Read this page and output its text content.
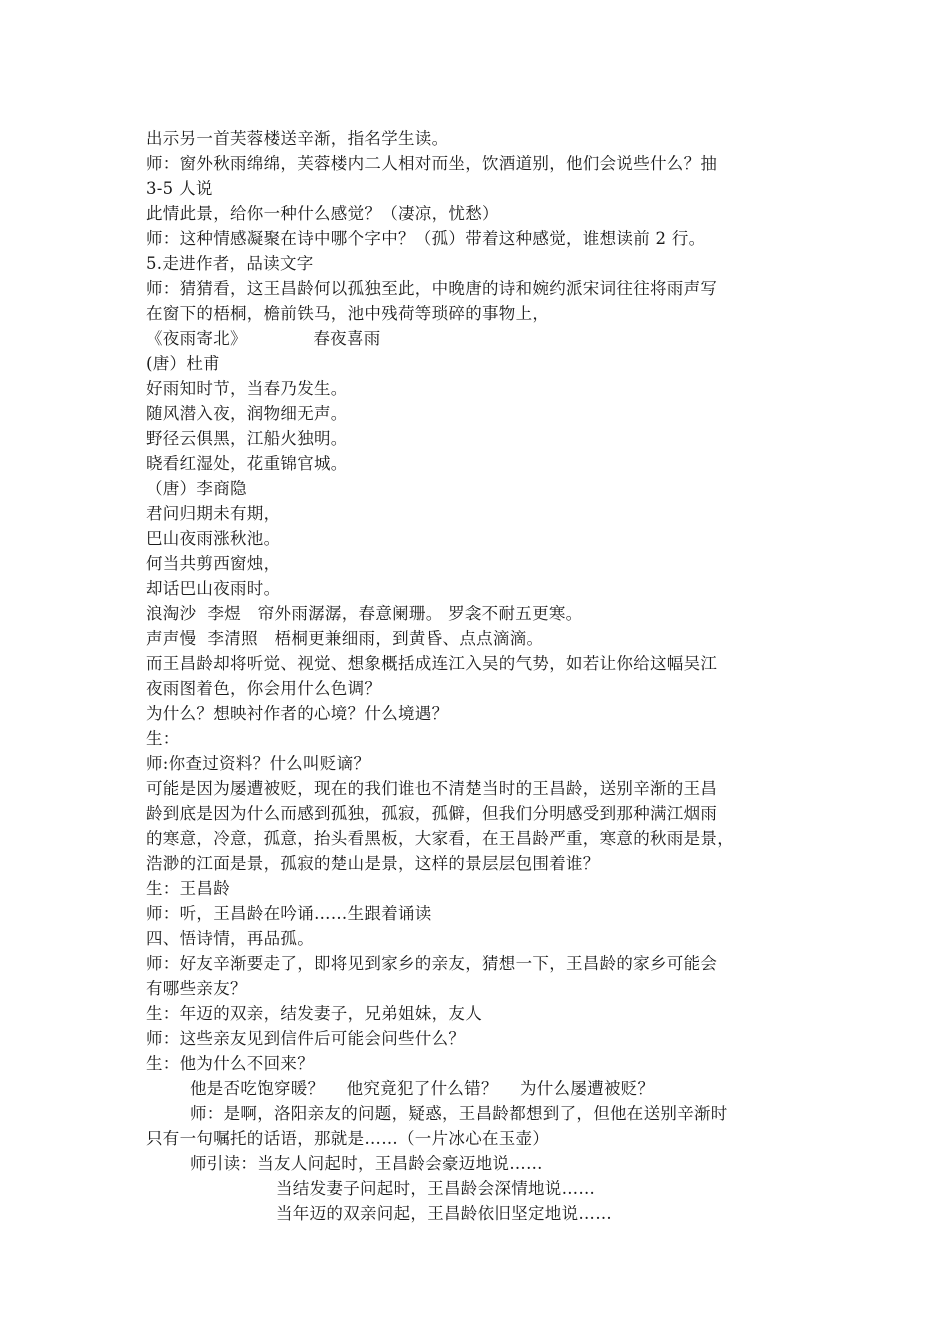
出示另一首芙蓉楼送辛渐，指名学生读。
师：窗外秋雨绵绵，芙蓉楼内二人相对而坐，饮酒道别，他们会说些什么？抽
3-5 人说
此情此景，给你一种什么感觉？（凄凉，忧愁）
师：这种情感凝聚在诗中哪个字中？（孤）带着这种感觉，谁想读前 2 行。
5.走进作者，品读文字
师：猜猜看，这王昌龄何以孤独至此，中晚唐的诗和婉约派宋词往往将雨声写
在窗下的梧桐，檐前铁马，池中残荷等琐碎的事物上，
《夜雨寄北》            春夜喜雨
(唐）杜甫
好雨知时节，当春乃发生。
随风潜入夜，润物细无声。
野径云俱黑，江船火独明。
晓看红湿处，花重锦官城。
（唐）李商隐
君问归期未有期，
巴山夜雨涨秋池。
何当共剪西窗烛，
却话巴山夜雨时。
浪淘沙  李煜   帘外雨潺潺，春意阑珊。 罗衾不耐五更寒。
声声慢  李清照   梧桐更兼细雨，到黄昏、点点滴滴。
而王昌龄却将听觉、视觉、想象概括成连江入吴的气势，如若让你给这幅吴江
夜雨图着色，你会用什么色调？
为什么？想映衬作者的心境？什么境遇？
生：
师:你查过资料？什么叫贬谪？
可能是因为屡遭被贬，现在的我们谁也不清楚当时的王昌龄，送别辛渐的王昌
龄到底是因为什么而感到孤独，孤寂，孤僻，但我们分明感受到那种满江烟雨
的寒意，冷意，孤意，抬头看黑板，大家看，在王昌龄严重，寒意的秋雨是景，
浩渺的江面是景，孤寂的楚山是景，这样的景层层包围着谁？
生：王昌龄
师：听，王昌龄在吟诵……生跟着诵读
四、悟诗情，再品孤。
师：好友辛渐要走了，即将见到家乡的亲友，猜想一下，王昌龄的家乡可能会
有哪些亲友？
生：年迈的双亲，结发妻子，兄弟姐妹，友人
师：这些亲友见到信件后可能会问些什么？
生：他为什么不回来？
他是否吃饱穿暖？    他究竟犯了什么错？    为什么屡遭被贬？
师：是啊，洛阳亲友的问题，疑惑，王昌龄都想到了，但他在送别辛渐时
只有一句嘱托的话语，那就是……（一片冰心在玉壶）
师引读：当友人问起时，王昌龄会豪迈地说……
当结发妻子问起时，王昌龄会深情地说……
当年迈的双亲问起，王昌龄依旧坚定地说……
